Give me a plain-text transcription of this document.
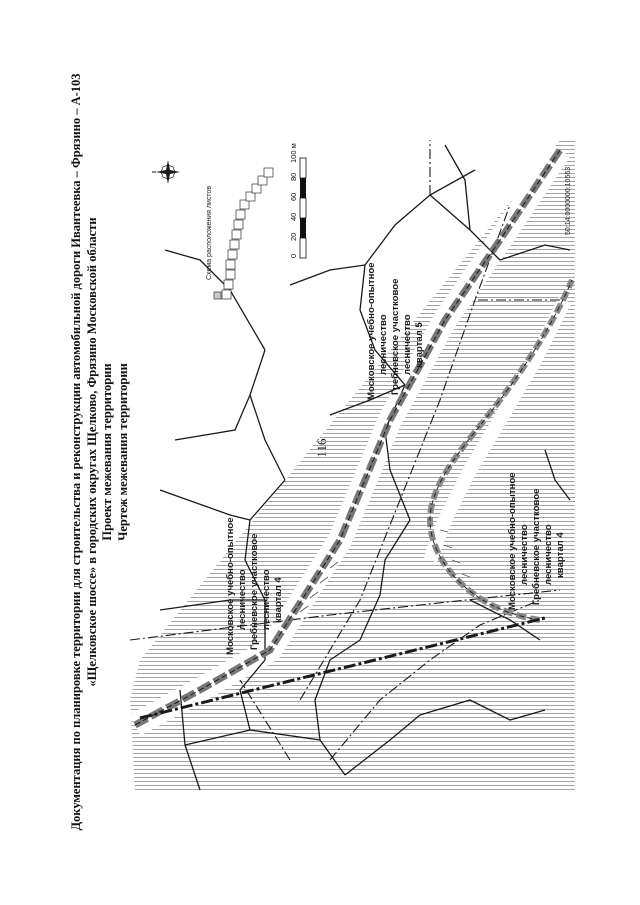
Документация по планировке территории для строительства и реконструкции автомобильной дороги Ивантеевка – Фрязино – А-103 «Щелковское шоссе» в городских округах Щелково, Фрязино Московской области Проект межевания территории Чертеж межевания территории
Московское учебно-опытное лесничество Гребневское участковое лесничество квартал 4	Московское учебно-опытное лесничество Гребневское участковое лесничество квартал 4
Московское учебно-опытное лесничество Гребневское участковое лесничество квартал 5
Схема расположения листов	0
20
40
60
80
100 м
50:14:0000000:10563
